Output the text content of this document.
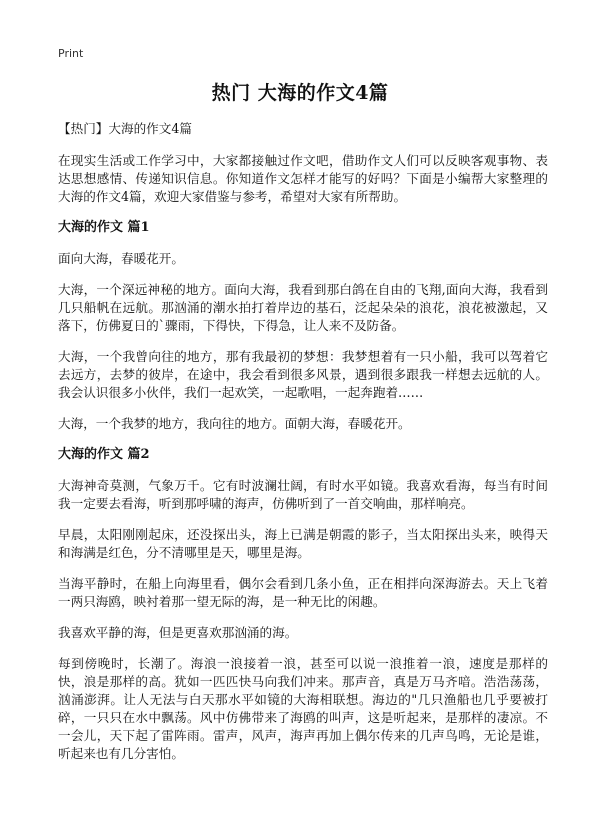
Print
热门 大海的作文4篇

【热门】大海的作文4篇

在现实生活或工作学习中，大家都接触过作文吧，借助作文人们可以反映客观事物、表达思想感情、传递知识信息。你知道作文怎样才能写的好吗？下面是小编帮大家整理的大海的作文4篇，欢迎大家借鉴与参考，希望对大家有所帮助。

大海的作文 篇1

面向大海，春暖花开。

大海，一个深远神秘的地方。面向大海，我看到那白鸽在自由的飞翔,面向大海，我看到几只船帆在远航。那汹涌的潮水拍打着岸边的基石，泛起朵朵的浪花，浪花被激起，又落下，仿佛夏日的`骤雨，下得快，下得急，让人来不及防备。

大海，一个我曾向往的地方，那有我最初的梦想：我梦想着有一只小船，我可以驾着它去远方，去梦的彼岸，在途中，我会看到很多风景，遇到很多跟我一样想去远航的人。我会认识很多小伙伴，我们一起欢笑，一起歌唱，一起奔跑着……

大海，一个我梦的地方，我向往的地方。面朝大海，春暖花开。

大海的作文 篇2

大海神奇莫测，气象万千。它有时波澜壮阔，有时水平如镜。我喜欢看海，每当有时间我一定要去看海，听到那呼啸的海声，仿佛听到了一首交响曲，那样响亮。

早晨，太阳刚刚起床，还没探出头，海上已满是朝霞的影子，当太阳探出头来，映得天和海满是红色，分不清哪里是天，哪里是海。

当海平静时，在船上向海里看，偶尔会看到几条小鱼，正在相拌向深海游去。天上飞着一两只海鸥，映衬着那一望无际的海，是一种无比的闲趣。

我喜欢平静的海，但是更喜欢那汹涌的海。

每到傍晚时，长潮了。海浪一浪接着一浪，甚至可以说一浪推着一浪，速度是那样的快，浪是那样的高。犹如一匹匹快马向我们冲来。那声音，真是万马齐喑。浩浩荡荡，汹涌澎湃。让人无法与白天那水平如镜的大海相联想。海边的"几只渔船也几乎要被打碎，一只只在水中飘荡。风中仿佛带来了海鸥的叫声，这是听起来，是那样的凄凉。不一会儿，天下起了雷阵雨。雷声，风声，海声再加上偶尔传来的几声鸟鸣，无论是谁，听起来也有几分害怕。
